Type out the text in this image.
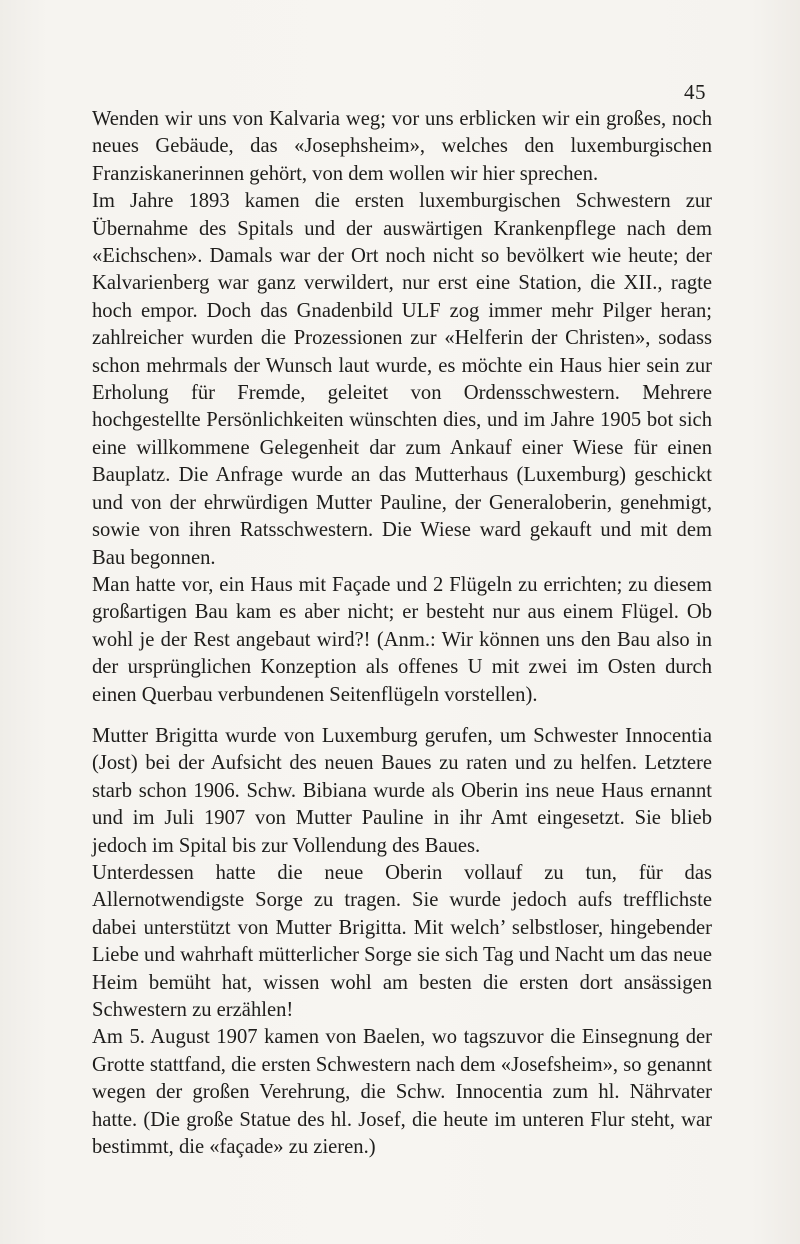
45

Wenden wir uns von Kalvaria weg; vor uns erblicken wir ein großes, noch neues Gebäude, das «Josephsheim», welches den luxemburgischen Franziskanerinnen gehört, von dem wollen wir hier sprechen.

Im Jahre 1893 kamen die ersten luxemburgischen Schwestern zur Übernahme des Spitals und der auswärtigen Krankenpflege nach dem «Eichschen». Damals war der Ort noch nicht so bevölkert wie heute; der Kalvarienberg war ganz verwildert, nur erst eine Station, die XII., ragte hoch empor. Doch das Gnadenbild ULF zog immer mehr Pilger heran; zahlreicher wurden die Prozessionen zur «Helferin der Christen», sodass schon mehrmals der Wunsch laut wurde, es möchte ein Haus hier sein zur Erholung für Fremde, geleitet von Ordensschwestern. Mehrere hochgestellte Persönlichkeiten wünschten dies, und im Jahre 1905 bot sich eine willkommene Gelegenheit dar zum Ankauf einer Wiese für einen Bauplatz. Die Anfrage wurde an das Mutterhaus (Luxemburg) geschickt und von der ehrwürdigen Mutter Pauline, der Generaloberin, genehmigt, sowie von ihren Ratsschwestern. Die Wiese ward gekauft und mit dem Bau begonnen.

Man hatte vor, ein Haus mit Façade und 2 Flügeln zu errichten; zu diesem großartigen Bau kam es aber nicht; er besteht nur aus einem Flügel. Ob wohl je der Rest angebaut wird?! (Anm.: Wir können uns den Bau also in der ursprünglichen Konzeption als offenes U mit zwei im Osten durch einen Querbau verbundenen Seitenflügeln vorstellen).

Mutter Brigitta wurde von Luxemburg gerufen, um Schwester Innocentia (Jost) bei der Aufsicht des neuen Baues zu raten und zu helfen. Letztere starb schon 1906. Schw. Bibiana wurde als Oberin ins neue Haus ernannt und im Juli 1907 von Mutter Pauline in ihr Amt eingesetzt. Sie blieb jedoch im Spital bis zur Vollendung des Baues.

Unterdessen hatte die neue Oberin vollauf zu tun, für das Allernotwendigste Sorge zu tragen. Sie wurde jedoch aufs trefflichste dabei unterstützt von Mutter Brigitta. Mit welch’ selbstloser, hingebender Liebe und wahrhaft mütterlicher Sorge sie sich Tag und Nacht um das neue Heim bemüht hat, wissen wohl am besten die ersten dort ansässigen Schwestern zu erzählen!

Am 5. August 1907 kamen von Baelen, wo tagszuvor die Einsegnung der Grotte stattfand, die ersten Schwestern nach dem «Josefsheim», so genannt wegen der großen Verehrung, die Schw. Innocentia zum hl. Nährvater hatte. (Die große Statue des hl. Josef, die heute im unteren Flur steht, war bestimmt, die «façade» zu zieren.)
